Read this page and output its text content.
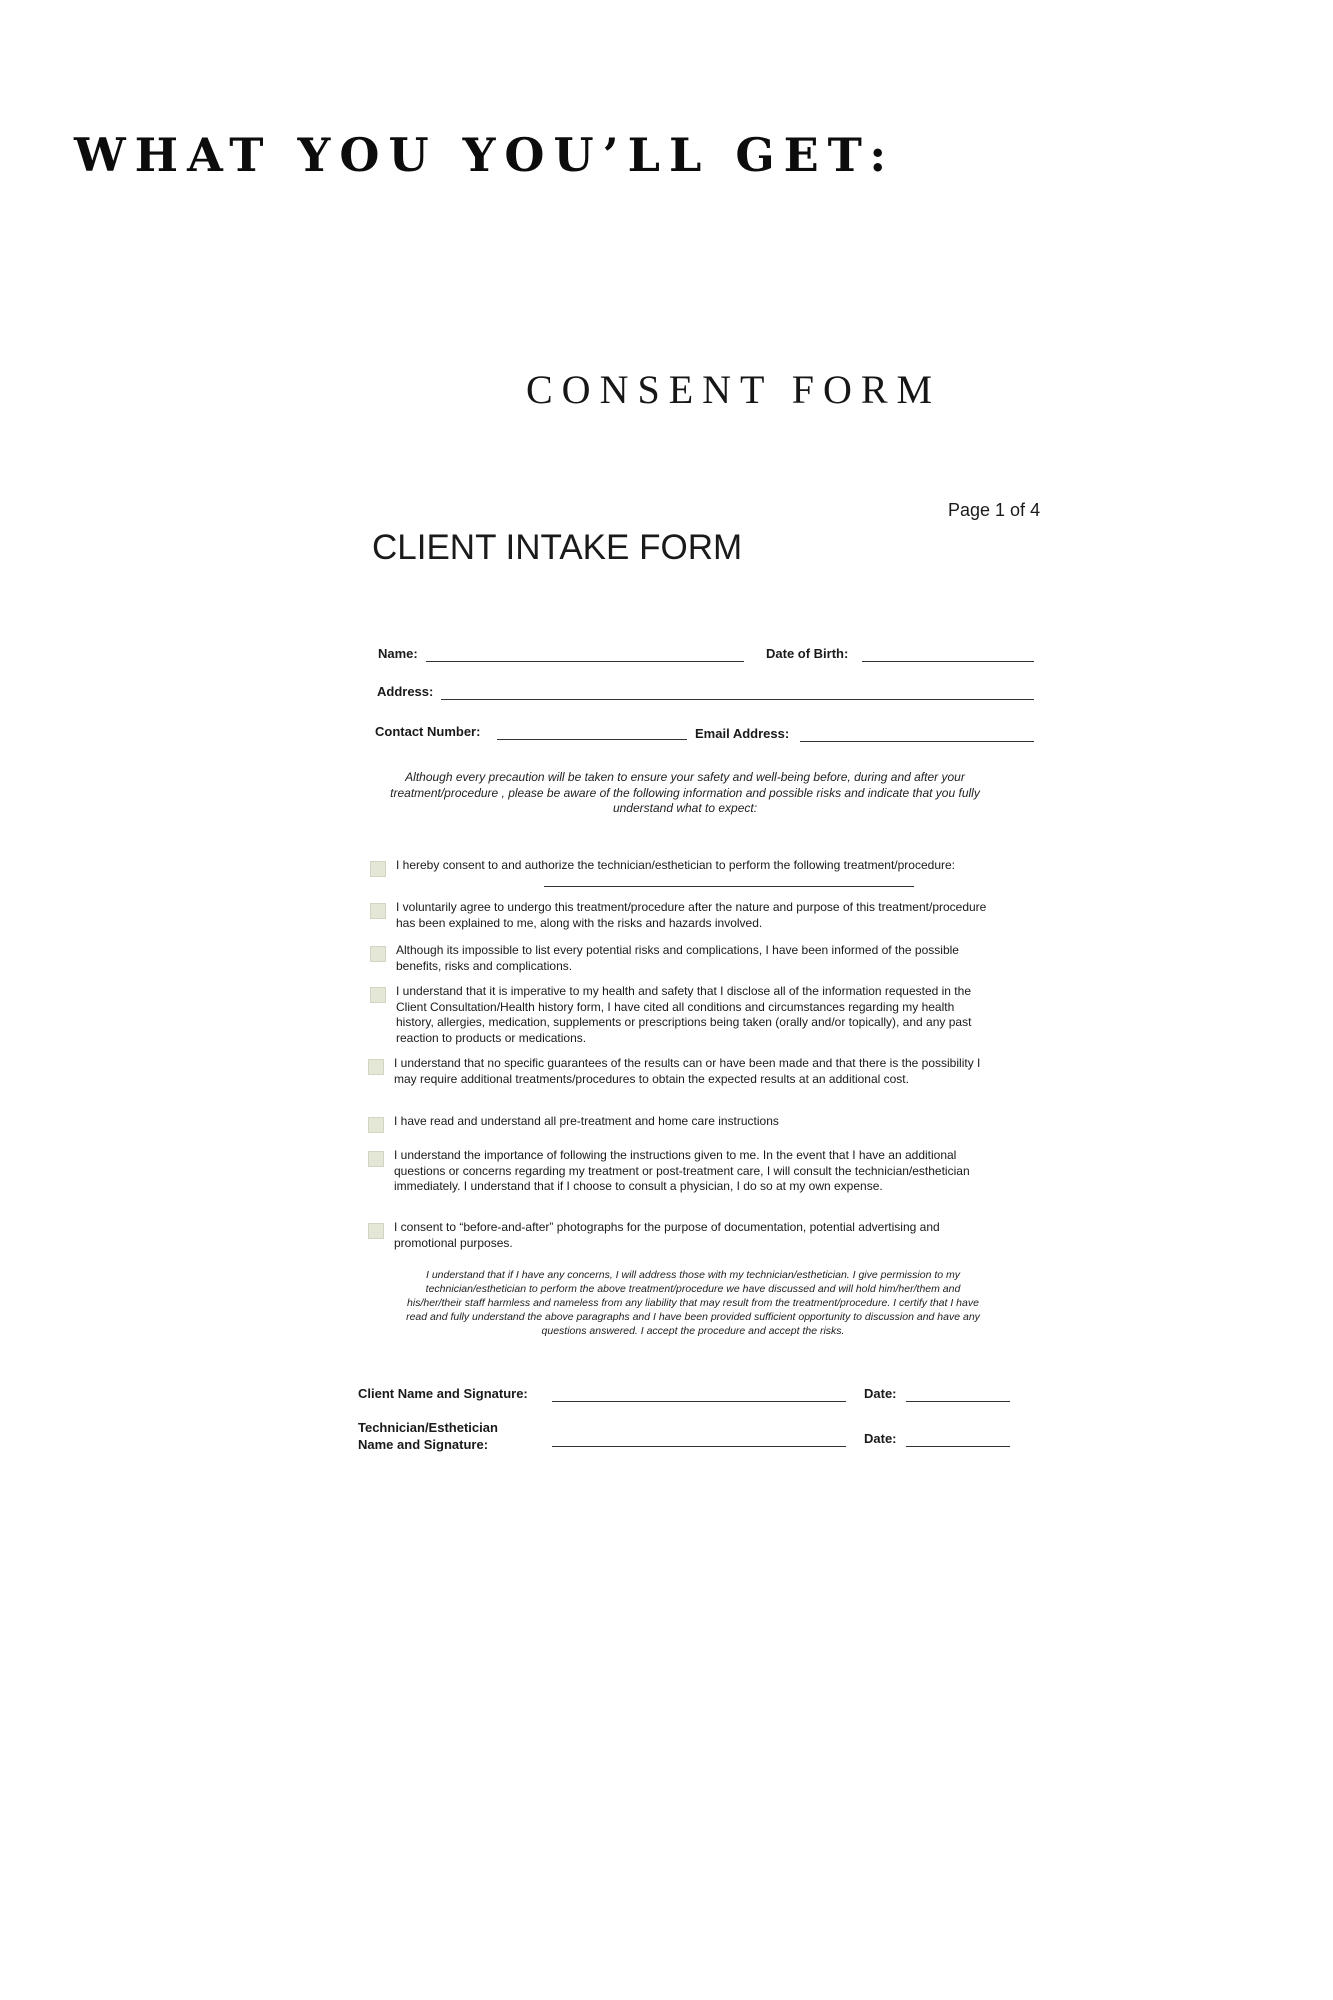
WHAT YOU YOU’LL GET:
CONSENT FORM
Page 1 of 4
CLIENT INTAKE FORM
Name:	Date of Birth:
Address:
Contact Number:	Email Address:
Although every precaution will be taken to ensure your safety and well-being before, during and after your treatment/procedure , please be aware of the following information and possible risks and indicate that you fully understand what to expect:
I hereby consent to and authorize the technician/esthetician to perform the following treatment/procedure:
I voluntarily agree to undergo this treatment/procedure after the nature and purpose of this treatment/procedure has been explained to me, along with the risks and hazards involved.
Although its impossible to list every potential risks and complications, I have been informed of the possible benefits, risks and complications.
I understand that it is imperative to my health and safety that I disclose all of the information requested in the Client Consultation/Health history form, I have cited all conditions and circumstances regarding my health history, allergies, medication, supplements or prescriptions being taken (orally and/or topically), and any past reaction to products or medications.
I understand that no specific guarantees of the results can or have been made and that there is the possibility I may require additional treatments/procedures to obtain the expected results at an additional cost.
I have read and understand all pre-treatment and home care instructions
I understand the importance of following the instructions given to me. In the event that I have an additional questions or concerns regarding my treatment or post-treatment care, I will consult the technician/esthetician immediately. I understand that if I choose to consult a physician, I do so at my own expense.
I consent to “before-and-after” photographs for the purpose of documentation, potential advertising and promotional purposes.
I understand that if I have any concerns, I will address those with my technician/esthetician. I give permission to my technician/esthetician to perform the above treatment/procedure we have discussed and will hold him/her/them and his/her/their staff harmless and nameless from any liability that may result from the treatment/procedure. I certify that I have read and fully understand the above paragraphs and I have been provided sufficient opportunity to discussion and have any questions answered. I accept the procedure and accept the risks.
Client Name and Signature:	Date:
Technician/Esthetician
Name and Signature:	Date:
